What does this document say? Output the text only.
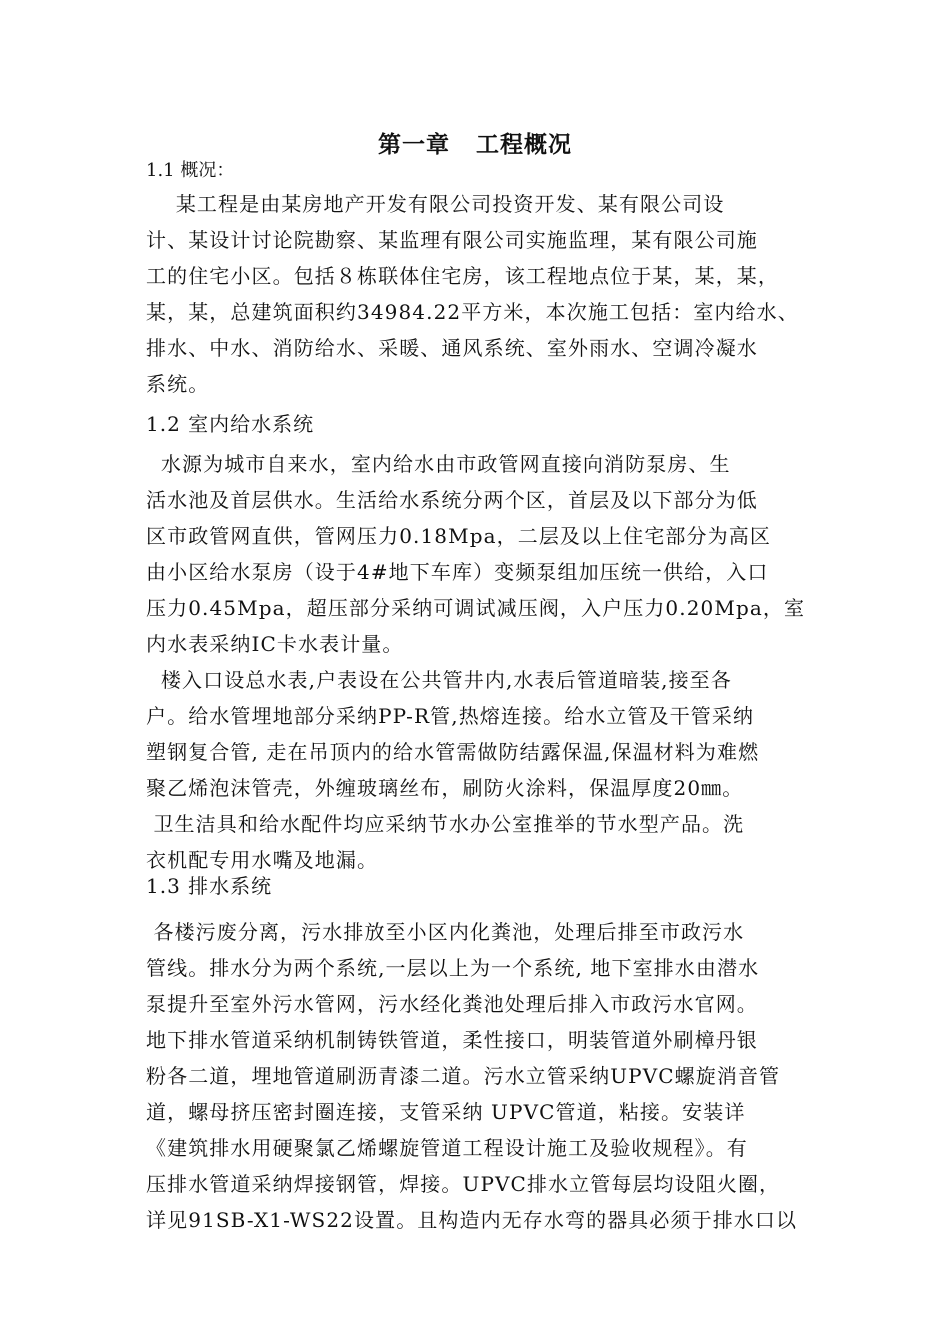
第一章 工程概况
1.1 概况：

某工程是由某房地产开发有限公司投资开发、某有限公司设
计、某设计讨论院勘察、某监理有限公司实施监理，某有限公司施
工的住宅小区。包括８栋联体住宅房，该工程地点位于某，某，某，
某，某，总建筑面积约34984.22平方米，本次施工包括：室内给水、
排水、中水、消防给水、采暖、通风系统、室外雨水、空调冷凝水
系统。

1.2 室内给水系统

水源为城市自来水，室内给水由市政管网直接向消防泵房、生
活水池及首层供水。生活给水系统分两个区，首层及以下部分为低
区市政管网直供，管网压力0.18Mpa，二层及以上住宅部分为高区
由小区给水泵房（设于4#地下车库）变频泵组加压统一供给，入口
压力0.45Mpa，超压部分采纳可调试减压阀，入户压力0.20Mpa，室
内水表采纳IC卡水表计量。

楼入口设总水表,户表设在公共管井内,水表后管道暗装,接至各
户。给水管埋地部分采纳PP-R管,热熔连接。给水立管及干管采纳
塑钢复合管, 走在吊顶内的给水管需做防结露保温,保温材料为难燃
聚乙烯泡沫管壳，外缠玻璃丝布，刷防火涂料，保温厚度20㎜。

卫生洁具和给水配件均应采纳节水办公室推举的节水型产品。洗
衣机配专用水嘴及地漏。

1.3 排水系统

各楼污废分离，污水排放至小区内化粪池，处理后排至市政污水
管线。排水分为两个系统,一层以上为一个系统, 地下室排水由潜水
泵提升至室外污水管网，污水经化粪池处理后排入市政污水官网。
地下排水管道采纳机制铸铁管道，柔性接口，明装管道外刷樟丹银
粉各二道，埋地管道刷沥青漆二道。污水立管采纳UPVC螺旋消音管
道，螺母挤压密封圈连接，支管采纳 UPVC管道，粘接。安装详
《建筑排水用硬聚氯乙烯螺旋管道工程设计施工及验收规程》。有
压排水管道采纳焊接钢管，焊接。UPVC排水立管每层均设阻火圈，
详见91SB-X1-WS22设置。且构造内无存水弯的器具必须于排水口以
